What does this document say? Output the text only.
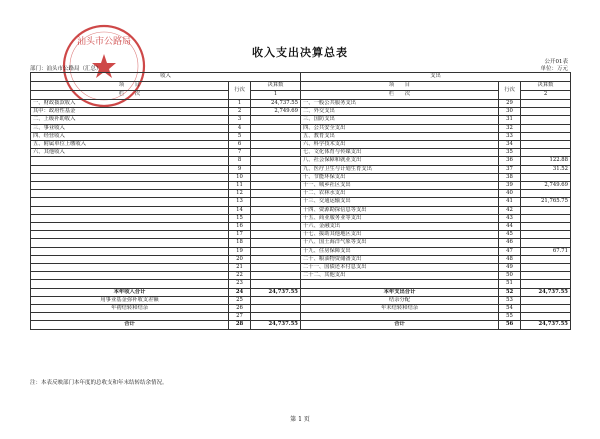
汕头市公路局
收入支出决算总表
公开01表
单位：万元
部门：汕头市公路局（汇总）
收入			支出		
项　　目	行次	决算数	项　　目	行次	决算数
栏　　次		1	栏　　次		2
一、财政拨款收入	1	24,737.55	一、一般公共服务支出	29	
其中：政府性基金	2	2,749.69	二、外交支出	30	
二、上级补助收入	3		三、国防支出	31	
三、事业收入	4		四、公共安全支出	32	
四、经营收入	5		五、教育支出	33	
五、附属单位上缴收入	6		六、科学技术支出	34	
六、其他收入	7		七、文化体育与传媒支出	35	
	8		八、社会保障和就业支出	36	122.88
	9		九、医疗卫生与计划生育支出	37	31.52
	10		十、节能环保支出	38	
	11		十一、城乡社区支出	39	2,749.69
	12		十二、农林水支出	40	
	13		十三、交通运输支出	41	21,765.75
	14		十四、资源勘探信息等支出	42	
	15		十五、商业服务业等支出	43	
	16		十六、金融支出	44	
	17		十七、援助其他地区支出	45	
	18		十八、国土海洋气象等支出	46	
	19		十九、住房保障支出	47	67.71
	20		二十、粮油物资储备支出	48	
	21		二十一、国债还本付息支出	49	
	22		二十二、其他支出	50	
	23			51	
本年收入合计	24	24,737.55	本年支出合计	52	24,737.55
用事业基金弥补收支差额	25		结余分配	53	
年初结转和结余	26		年末结转和结余	54	
	27			55	
合计	28	24,737.55	合计	56	24,737.55
注：本表反映部门本年度的总收支和年末结转结余情况。
第 1 页
